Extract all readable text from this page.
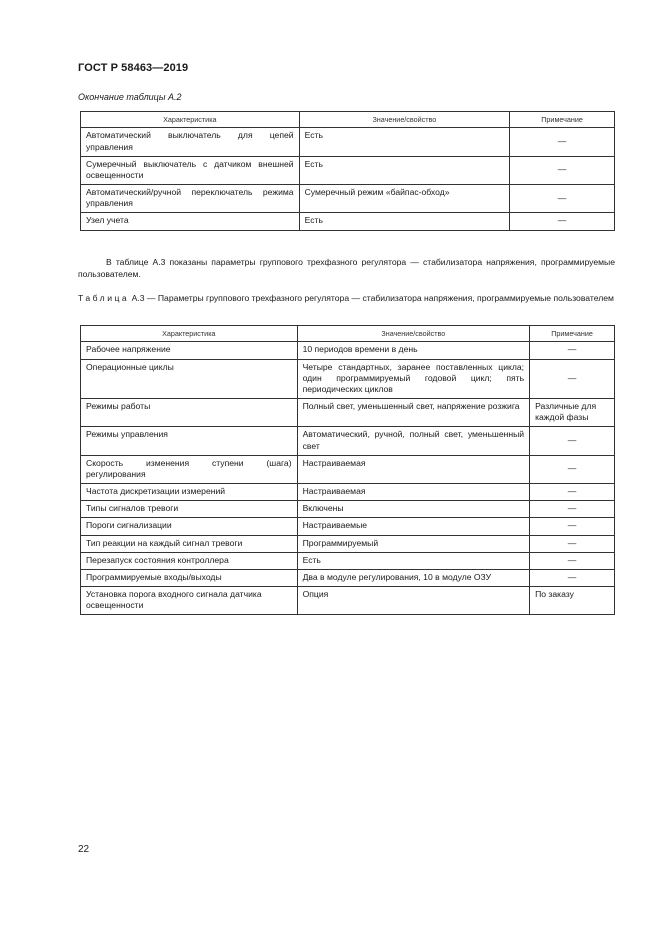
ГОСТ Р 58463—2019
Окончание таблицы А.2
Характеристика	Значение/свойство	Примечание
Автоматический выключатель для цепей управления	Есть	—
Сумеречный выключатель с датчиком внешней освещенности	Есть	—
Автоматический/ручной переключатель режима управления	Сумеречный режим «байпас-обход»	—
Узел учета	Есть	—
В таблице А.3 показаны параметры группового трехфазного регулятора — стабилизатора напряжения, программируемые пользователем.
Таблица А.3 — Параметры группового трехфазного регулятора — стабилизатора напряжения, программируемые пользователем
Характеристика	Значение/свойство	Примечание
Рабочее напряжение	10 периодов времени в день	—
Операционные циклы	Четыре стандартных, заранее поставленных цикла; один программируемый годовой цикл; пять периодических циклов	—
Режимы работы	Полный свет, уменьшенный свет, напряжение розжига	Различные для каждой фазы
Режимы управления	Автоматический, ручной, полный свет, уменьшенный свет	—
Скорость изменения ступени (шага) регулирования	Настраиваемая	—
Частота дискретизации измерений	Настраиваемая	—
Типы сигналов тревоги	Включены	—
Пороги сигнализации	Настраиваемые	—
Тип реакции на каждый сигнал тревоги	Программируемый	—
Перезапуск состояния контроллера	Есть	—
Программируемые входы/выходы	Два в модуле регулирования, 10 в модуле ОЗУ	—
Установка порога входного сигнала датчика освещенности	Опция	По заказу
22
